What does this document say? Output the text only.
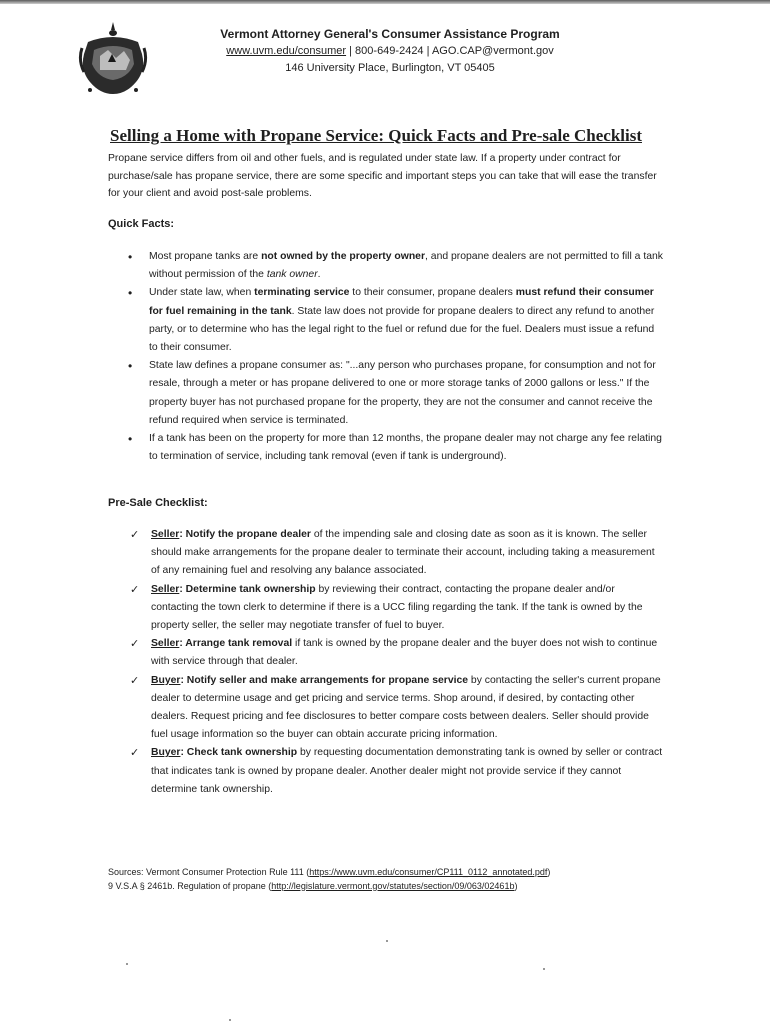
Vermont Attorney General's Consumer Assistance Program
www.uvm.edu/consumer | 800-649-2424 | AGO.CAP@vermont.gov
146 University Place, Burlington, VT 05405
Selling a Home with Propane Service: Quick Facts and Pre-sale Checklist
Propane service differs from oil and other fuels, and is regulated under state law. If a property under contract for purchase/sale has propane service, there are some specific and important steps you can take that will ease the transfer for your client and avoid post-sale problems.
Quick Facts:
• Most propane tanks are not owned by the property owner, and propane dealers are not permitted to fill a tank without permission of the tank owner.
• Under state law, when terminating service to their consumer, propane dealers must refund their consumer for fuel remaining in the tank. State law does not provide for propane dealers to direct any refund to another party, or to determine who has the legal right to the fuel or refund due for the fuel. Dealers must issue a refund to their consumer.
• State law defines a propane consumer as: "...any person who purchases propane, for consumption and not for resale, through a meter or has propane delivered to one or more storage tanks of 2000 gallons or less." If the property buyer has not purchased propane for the property, they are not the consumer and cannot receive the refund required when service is terminated.
• If a tank has been on the property for more than 12 months, the propane dealer may not charge any fee relating to termination of service, including tank removal (even if tank is underground).
Pre-Sale Checklist:
✓ Seller: Notify the propane dealer of the impending sale and closing date as soon as it is known. The seller should make arrangements for the propane dealer to terminate their account, including taking a measurement of any remaining fuel and resolving any balance associated.
✓ Seller: Determine tank ownership by reviewing their contract, contacting the propane dealer and/or contacting the town clerk to determine if there is a UCC filing regarding the tank. If the tank is owned by the property seller, the seller may negotiate transfer of fuel to buyer.
✓ Seller: Arrange tank removal if tank is owned by the propane dealer and the buyer does not wish to continue with service through that dealer.
✓ Buyer: Notify seller and make arrangements for propane service by contacting the seller's current propane dealer to determine usage and get pricing and service terms. Shop around, if desired, by contacting other dealers. Request pricing and fee disclosures to better compare costs between dealers. Seller should provide fuel usage information so the buyer can obtain accurate pricing information.
✓ Buyer: Check tank ownership by requesting documentation demonstrating tank is owned by seller or contract that indicates tank is owned by propane dealer. Another dealer might not provide service if they cannot determine tank ownership.
Sources: Vermont Consumer Protection Rule 111 (https://www.uvm.edu/consumer/CP111_0112_annotated.pdf)
9 V.S.A § 2461b. Regulation of propane (http://legislature.vermont.gov/statutes/section/09/063/02461b)
